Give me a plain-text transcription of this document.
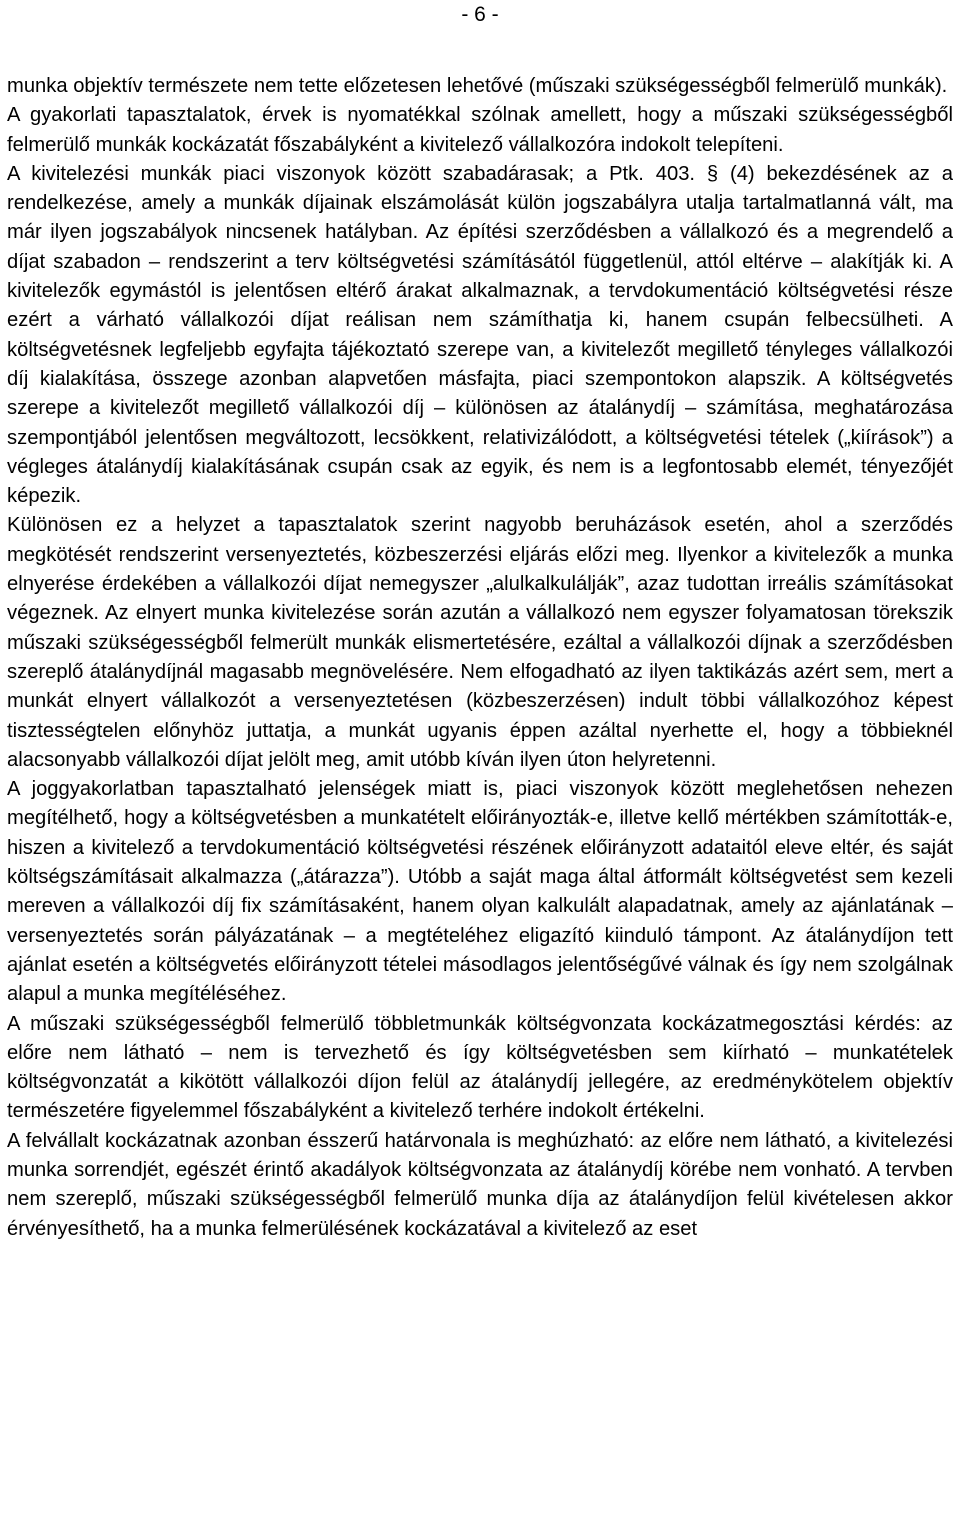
- 6 -

munka objektív természete nem tette előzetesen lehetővé (műszaki szükségességből felmerülő munkák).

A gyakorlati tapasztalatok, érvek is nyomatékkal szólnak amellett, hogy a műszaki szükségességből felmerülő munkák kockázatát főszabályként a kivitelező vállalkozóra indokolt telepíteni.

A kivitelezési munkák piaci viszonyok között szabadárasak; a Ptk. 403. § (4) bekezdésének az a rendelkezése, amely a munkák díjainak elszámolását külön jogszabályra utalja tartalmatlanná vált, ma már ilyen jogszabályok nincsenek hatályban. Az építési szerződésben a vállalkozó és a megrendelő a díjat szabadon – rendszerint a terv költségvetési számításától függetlenül, attól eltérve – alakítják ki. A kivitelezők egymástól is jelentősen eltérő árakat alkalmaznak, a tervdokumentáció költségvetési része ezért a várható vállalkozói díjat reálisan nem számíthatja ki, hanem csupán felbecsülheti. A költségvetésnek legfeljebb egyfajta tájékoztató szerepe van, a kivitelezőt megillető tényleges vállalkozói díj kialakítása, összege azonban alapvetően másfajta, piaci szempontokon alapszik. A költségvetés szerepe a kivitelezőt megillető vállalkozói díj – különösen az átalánydíj – számítása, meghatározása szempontjából jelentősen megváltozott, lecsökkent, relativizálódott, a költségvetési tételek („kiírások”) a végleges átalánydíj kialakításának csupán csak az egyik, és nem is a legfontosabb elemét, tényezőjét képezik.

Különösen ez a helyzet a tapasztalatok szerint nagyobb beruházások esetén, ahol a szerződés megkötését rendszerint versenyeztetés, közbeszerzési eljárás előzi meg. Ilyenkor a kivitelezők a munka elnyerése érdekében a vállalkozói díjat nemegyszer „alulkalkulálják”, azaz tudottan irreális számításokat végeznek. Az elnyert munka kivitelezése során azután a vállalkozó nem egyszer folyamatosan törekszik műszaki szükségességből felmerült munkák elismertetésére, ezáltal a vállalkozói díjnak a szerződésben szereplő átalánydíjnál magasabb megnövelésére. Nem elfogadható az ilyen taktikázás azért sem, mert a munkát elnyert vállalkozót a versenyeztetésen (közbeszerzésen) indult többi vállalkozóhoz képest tisztességtelen előnyhöz juttatja, a munkát ugyanis éppen azáltal nyerhette el, hogy a többieknél alacsonyabb vállalkozói díjat jelölt meg, amit utóbb kíván ilyen úton helyretenni.

A joggyakorlatban tapasztalható jelenségek miatt is, piaci viszonyok között meglehetősen nehezen megítélhető, hogy a költségvetésben a munkatételt előirányozták-e, illetve kellő mértékben számították-e, hiszen a kivitelező a tervdokumentáció költségvetési részének előirányzott adataitól eleve eltér, és saját költségszámításait alkalmazza („átárazza”). Utóbb a saját maga által átformált költségvetést sem kezeli mereven a vállalkozói díj fix számításaként, hanem olyan kalkulált alapadatnak, amely az ajánlatának – versenyeztetés során pályázatának – a megtételéhez eligazító kiinduló támpont. Az átalánydíjon tett ajánlat esetén a költségvetés előirányzott tételei másodlagos jelentőségűvé válnak és így nem szolgálnak alapul a munka megítéléséhez.

A műszaki szükségességből felmerülő többletmunkák költségvonzata kockázatmegosztási kérdés: az előre nem látható – nem is tervezhető és így költségvetésben sem kiírható – munkatételek költségvonzatát a kikötött vállalkozói díjon felül az átalánydíj jellegére, az eredménykötelem objektív természetére figyelemmel főszabályként a kivitelező terhére indokolt értékelni.

A felvállalt kockázatnak azonban ésszerű határvonala is meghúzható: az előre nem látható, a kivitelezési munka sorrendjét, egészét érintő akadályok költségvonzata az átalánydíj körébe nem vonható. A tervben nem szereplő, műszaki szükségességből felmerülő munka díja az átalánydíjon felül kivételesen akkor érvényesíthető, ha a munka felmerülésének kockázatával a kivitelező az eset
